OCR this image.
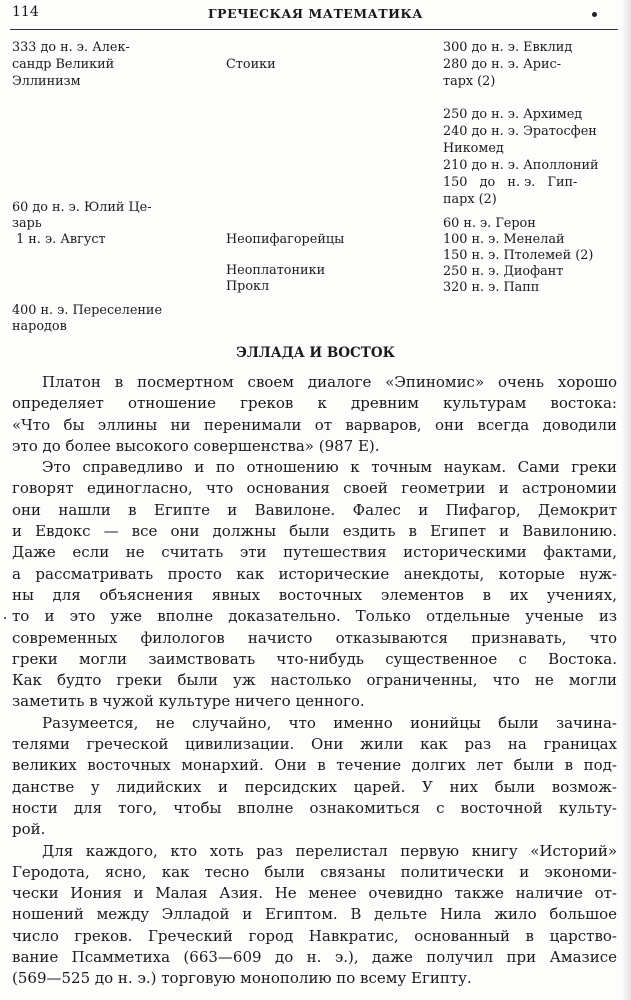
114	ГРЕЧЕСКАЯ МАТЕМАТИКА
333 до н. э. Алек-
сандр Великий
Эллинизм
60 до н. э. Юлий Це-
зарь
1 н. э. Август
400 н. э. Переселение
народов
Стоики
Неопифагорейцы
Неоплатоники
Прокл
300 до н. э. Евклид
280 до н. э. Арис-
тарх (2)
250 до н. э. Архимед
240 до н. э. Эратосфен
Никомед
210 до н. э. Аполлоний
150   до   н. э.   Гип-
парх (2)
60 н. э. Герон
100 н. э. Менелай
150 н. э. Птолемей (2)
250 н. э. Диофант
320 н. э. Папп
ЭЛЛАДА И ВОСТОК
Платон в посмертном своем диалоге «Эпиномис» очень хорошо
определяет отношение греков к древним культурам востока:
«Что бы эллины ни перенимали от варваров, они всегда доводили
это до более высокого совершенства» (987 Е).
Это справедливо и по отношению к точным наукам. Сами греки
говорят единогласно, что основания своей геометрии и астрономии
они нашли в Египте и Вавилоне. Фалес и Пифагор, Демокрит
и Евдокс — все они должны были ездить в Египет и Вавилонию.
Даже если не считать эти путешествия историческими фактами,
а рассматривать просто как исторические анекдоты, которые нуж-
ны для объяснения явных восточных элементов в их учениях,
то и это уже вполне доказательно. Только отдельные ученые из
современных филологов начисто отказываются признавать, что
греки могли заимствовать что-нибудь существенное с Востока.
Как будто греки были уж настолько ограниченны, что не могли
заметить в чужой культуре ничего ценного.
Разумеется, не случайно, что именно ионийцы были зачина-
телями греческой цивилизации. Они жили как раз на границах
великих восточных монархий. Они в течение долгих лет были в под-
данстве у лидийских и персидских царей. У них были возмож-
ности для того, чтобы вполне ознакомиться с восточной культу-
рой.
Для каждого, кто хоть раз перелистал первую книгу «Историй»
Геродота, ясно, как тесно были связаны политически и экономи-
чески Иония и Малая Азия. Не менее очевидно также наличие от-
ношений между Элладой и Египтом. В дельте Нила жило большое
число греков. Греческий город Навкратис, основанный в царство-
вание Псамметиха (663—609 до н. э.), даже получил при Амазисе
(569—525 до н. э.) торговую монополию по всему Египту.
